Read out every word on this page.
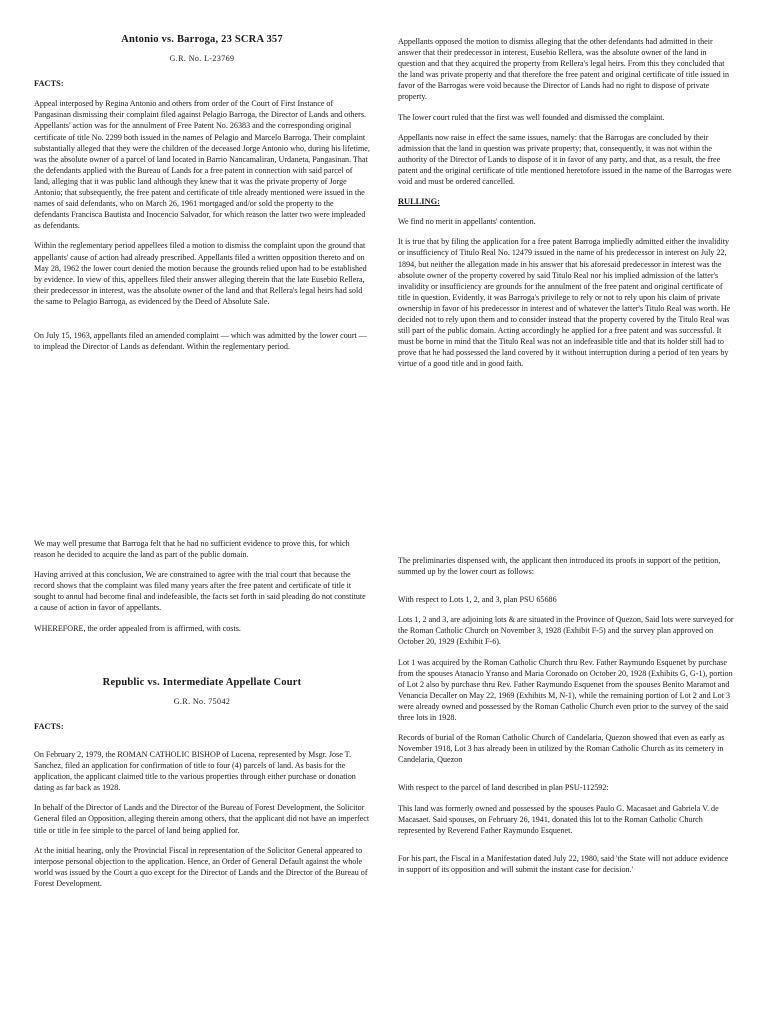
Antonio vs. Barroga, 23 SCRA 357
G.R. No. L-23769
FACTS:

Appeal interposed by Regina Antonio and others from order of the Court of First Instance of Pangasinan dismissing their complaint filed against Pelagio Barroga, the Director of Lands and others. Appellants' action was for the annulment of Free Patent No. 26383 and the corresponding original certificate of title No. 2299 both issued in the names of Pelagio and Marcelo Barroga. Their complaint substantially alleged that they were the children of the deceased Jorge Antonio who, during his lifetime, was the absolute owner of a parcel of land located in Barrio Nancamaliran, Urdaneta, Pangasinan. That the defendants applied with the Bureau of Lands for a free patent in connection with said parcel of land, alleging that it was public land although they knew that it was the private property of Jorge Antonio; that subsequently, the free patent and certificate of title already mentioned were issued in the names of said defendants, who on March 26, 1961 mortgaged and/or sold the property to the defendants Francisca Bautista and Inocencio Salvador, for which reason the latter two were impleaded as defendants.

Within the reglementary period appellees filed a motion to dismiss the complaint upon the ground that appellants' cause of action had already prescribed. Appellants filed a written opposition thereto and on May 28, 1962 the lower court denied the motion because the grounds relied upon had to be established by evidence. In view of this, appellees filed their answer alleging therein that the late Eusebio Rellera, their predecessor in interest, was the absolute owner of the land and that Rellera's legal heirs had sold the same to Pelagio Barroga, as evidenced by the Deed of Absolute Sale.

On July 15, 1963, appellants filed an amended complaint — which was admitted by the lower court — to implead the Director of Lands as defendant. Within the reglementary period.

Appellants opposed the motion to dismiss alleging that the other defendants had admitted in their answer that their predecessor in interest, Eusebio Rellera, was the absolute owner of the land in question and that they acquired the property from Rellera's legal heirs. From this they concluded that the land was private property and that therefore the free patent and original certificate of title issued in favor of the Barrogas were void because the Director of Lands had no right to dispose of private property.

The lower court ruled that the first was well founded and dismissed the complaint.

Appellants now raise in effect the same issues, namely: that the Barrogas are concluded by their admission that the land in question was private property; that, consequently, it was not within the authority of the Director of Lands to dispose of it in favor of any party, and that, as a result, the free patent and the original certificate of title mentioned heretofore issued in the name of the Barrogas were void and must be ordered cancelled.

RULLING:

We find no merit in appellants' contention.

It is true that by filing the application for a free patent Barroga impliedly admitted either the invalidity or insufficiency of Titulo Real No. 12479 issued in the name of his predecessor in interest on July 22, 1894, but neither the allegation made in his answer that his aforesaid predecessor in interest was the absolute owner of the property covered by said Titulo Real nor his implied admission of the latter's invalidity or insufficiency are grounds for the annulment of the free patent and original certificate of title in question. Evidently, it was Barroga's privilege to rely or not to rely upon his claim of private ownership in favor of his predecessor in interest and of whatever the latter's Titulo Real was worth. He decided not to rely upon them and to consider instead that the property covered by the Titulo Real was still part of the public domain. Acting accordingly he applied for a free patent and was successful. It must be borne in mind that the Titulo Real was not an indefeasible title and that its holder still had to prove that he had possessed the land covered by it without interruption during a period of ten years by virtue of a good title and in good faith.

We may well presume that Barroga felt that he had no sufficient evidence to prove this, for which reason he decided to acquire the land as part of the public domain.

Having arrived at this conclusion, We are constrained to agree with the trial court that because the record shows that the complaint was filed many years after the free patent and certificate of title it sought to annul had become final and indefeasible, the facts set forth in said pleading do not constitute a cause of action in favor of appellants.

WHEREFORE, the order appealed from is affirmed, with costs.

Republic vs. Intermediate Appellate Court
G.R. No. 75042
FACTS:

On February 2, 1979, the ROMAN CATHOLIC BISHOP of Lucena, represented by Msgr. Jose T. Sanchez, filed an application for confirmation of title to four (4) parcels of land. As basis for the application, the applicant claimed title to the various properties through either purchase or donation dating as far back as 1928.

In behalf of the Director of Lands and the Director of the Bureau of Forest Development, the Solicitor General filed an Opposition, alleging therein among others, that the applicant did not have an imperfect title or title in fee simple to the parcel of land being applied for.

At the initial hearing, only the Provincial Fiscal in representation of the Solicitor General appeared to interpose personal objection to the application. Hence, an Order of General Default against the whole world was issued by the Court a quo except for the Director of Lands and the Director of the Bureau of Forest Development.

The preliminaries dispensed with, the applicant then introduced its proofs in support of the petition, summed up by the lower court as follows:

With respect to Lots 1, 2, and 3, plan PSU 65686

Lots 1, 2 and 3, are adjoining lots & are situated in the Province of Quezon, Said lots were surveyed for the Roman Catholic Church on November 3, 1928 (Exhibit F-5) and the survey plan approved on October 20, 1929 (Exhibit F-6).

Lot 1 was acquired by the Roman Catholic Church thru Rev. Father Raymundo Esquenet by purchase from the spouses Atanacio Yranso and Maria Coronado on October 20, 1928 (Exhibits G, G-1), portion of Lot 2 also by purchase thru Rev. Father Raymundo Esquenet from the spouses Benito Maramot and Venancia Decaller on May 22, 1969 (Exhibits M, N-1), while the remaining portion of Lot 2 and Lot 3 were already owned and possessed by the Roman Catholic Church even prior to the survey of the said three lots in 1928.

Records of burial of the Roman Catholic Church of Candelaria, Quezon showed that even as early as November 1918, Lot 3 has already been in utilized by the Roman Catholic Church as its cemetery in Candelaria, Quezon

With respect to the parcel of land described in plan PSU-112592:

This land was formerly owned and possessed by the spouses Paulo G. Macasaet and Gabriela V. de Macasaet. Said spouses, on February 26, 1941, donated this lot to the Roman Catholic Church represented by Reverend Father Raymundo Esquenet.

For his part, the Fiscal in a Manifestation dated July 22, 1980, said 'the State will not adduce evidence in support of its opposition and will submit the instant case for decision.'
